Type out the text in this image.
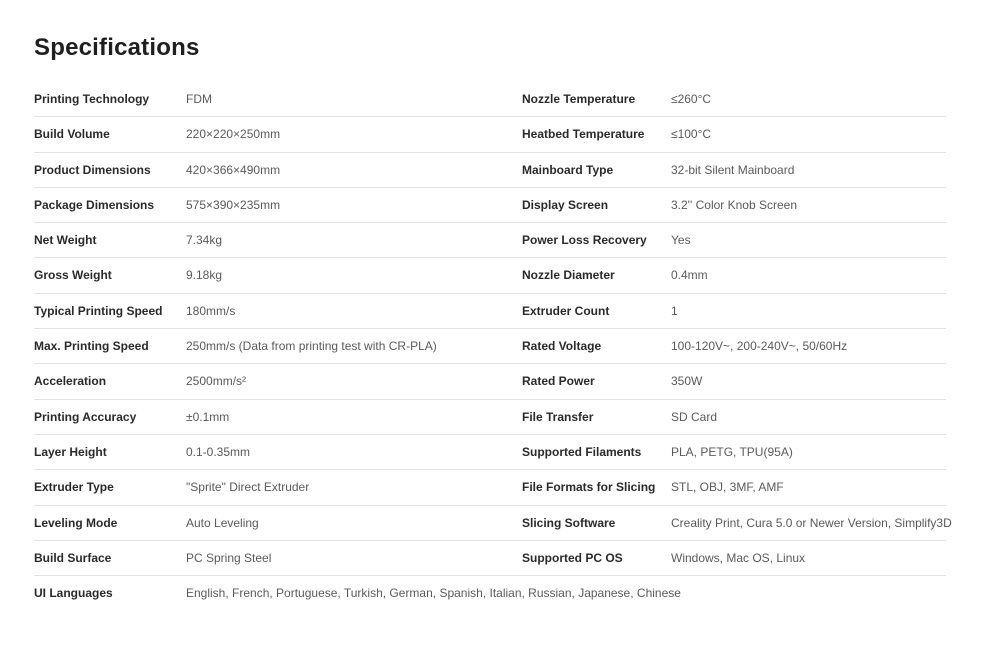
Specifications
Printing Technology	FDM	Nozzle Temperature	≤260°C
Build Volume	220×220×250mm	Heatbed Temperature ≤100°C
Product Dimensions	420×366×490mm	Mainboard Type	32-bit Silent Mainboard
Package Dimensions	575×390×235mm	Display Screen	3.2'' Color Knob Screen
Net Weight	7.34kg	Power Loss Recovery Yes
Gross Weight	9.18kg	Nozzle Diameter	0.4mm
Typical Printing Speed 180mm/s	Extruder Count	1
Max. Printing Speed	250mm/s (Data from printing test with CR-PLA)	Rated Voltage	100-120V~, 200-240V~, 50/60Hz
Acceleration	2500mm/s²	Rated Power	350W
Printing Accuracy	±0.1mm	File Transfer	SD Card
Layer Height	0.1-0.35mm	Supported Filaments PLA, PETG, TPU(95A)
Extruder Type	"Sprite" Direct Extruder	File Formats for Slicing STL, OBJ, 3MF, AMF
Leveling Mode	Auto Leveling	Slicing Software	Creality Print, Cura 5.0 or Newer Version, Simplify3D
Build Surface	PC Spring Steel	Supported PC OS	Windows, Mac OS, Linux
UI Languages	English, French, Portuguese, Turkish, German, Spanish, Italian, Russian, Japanese, Chinese
